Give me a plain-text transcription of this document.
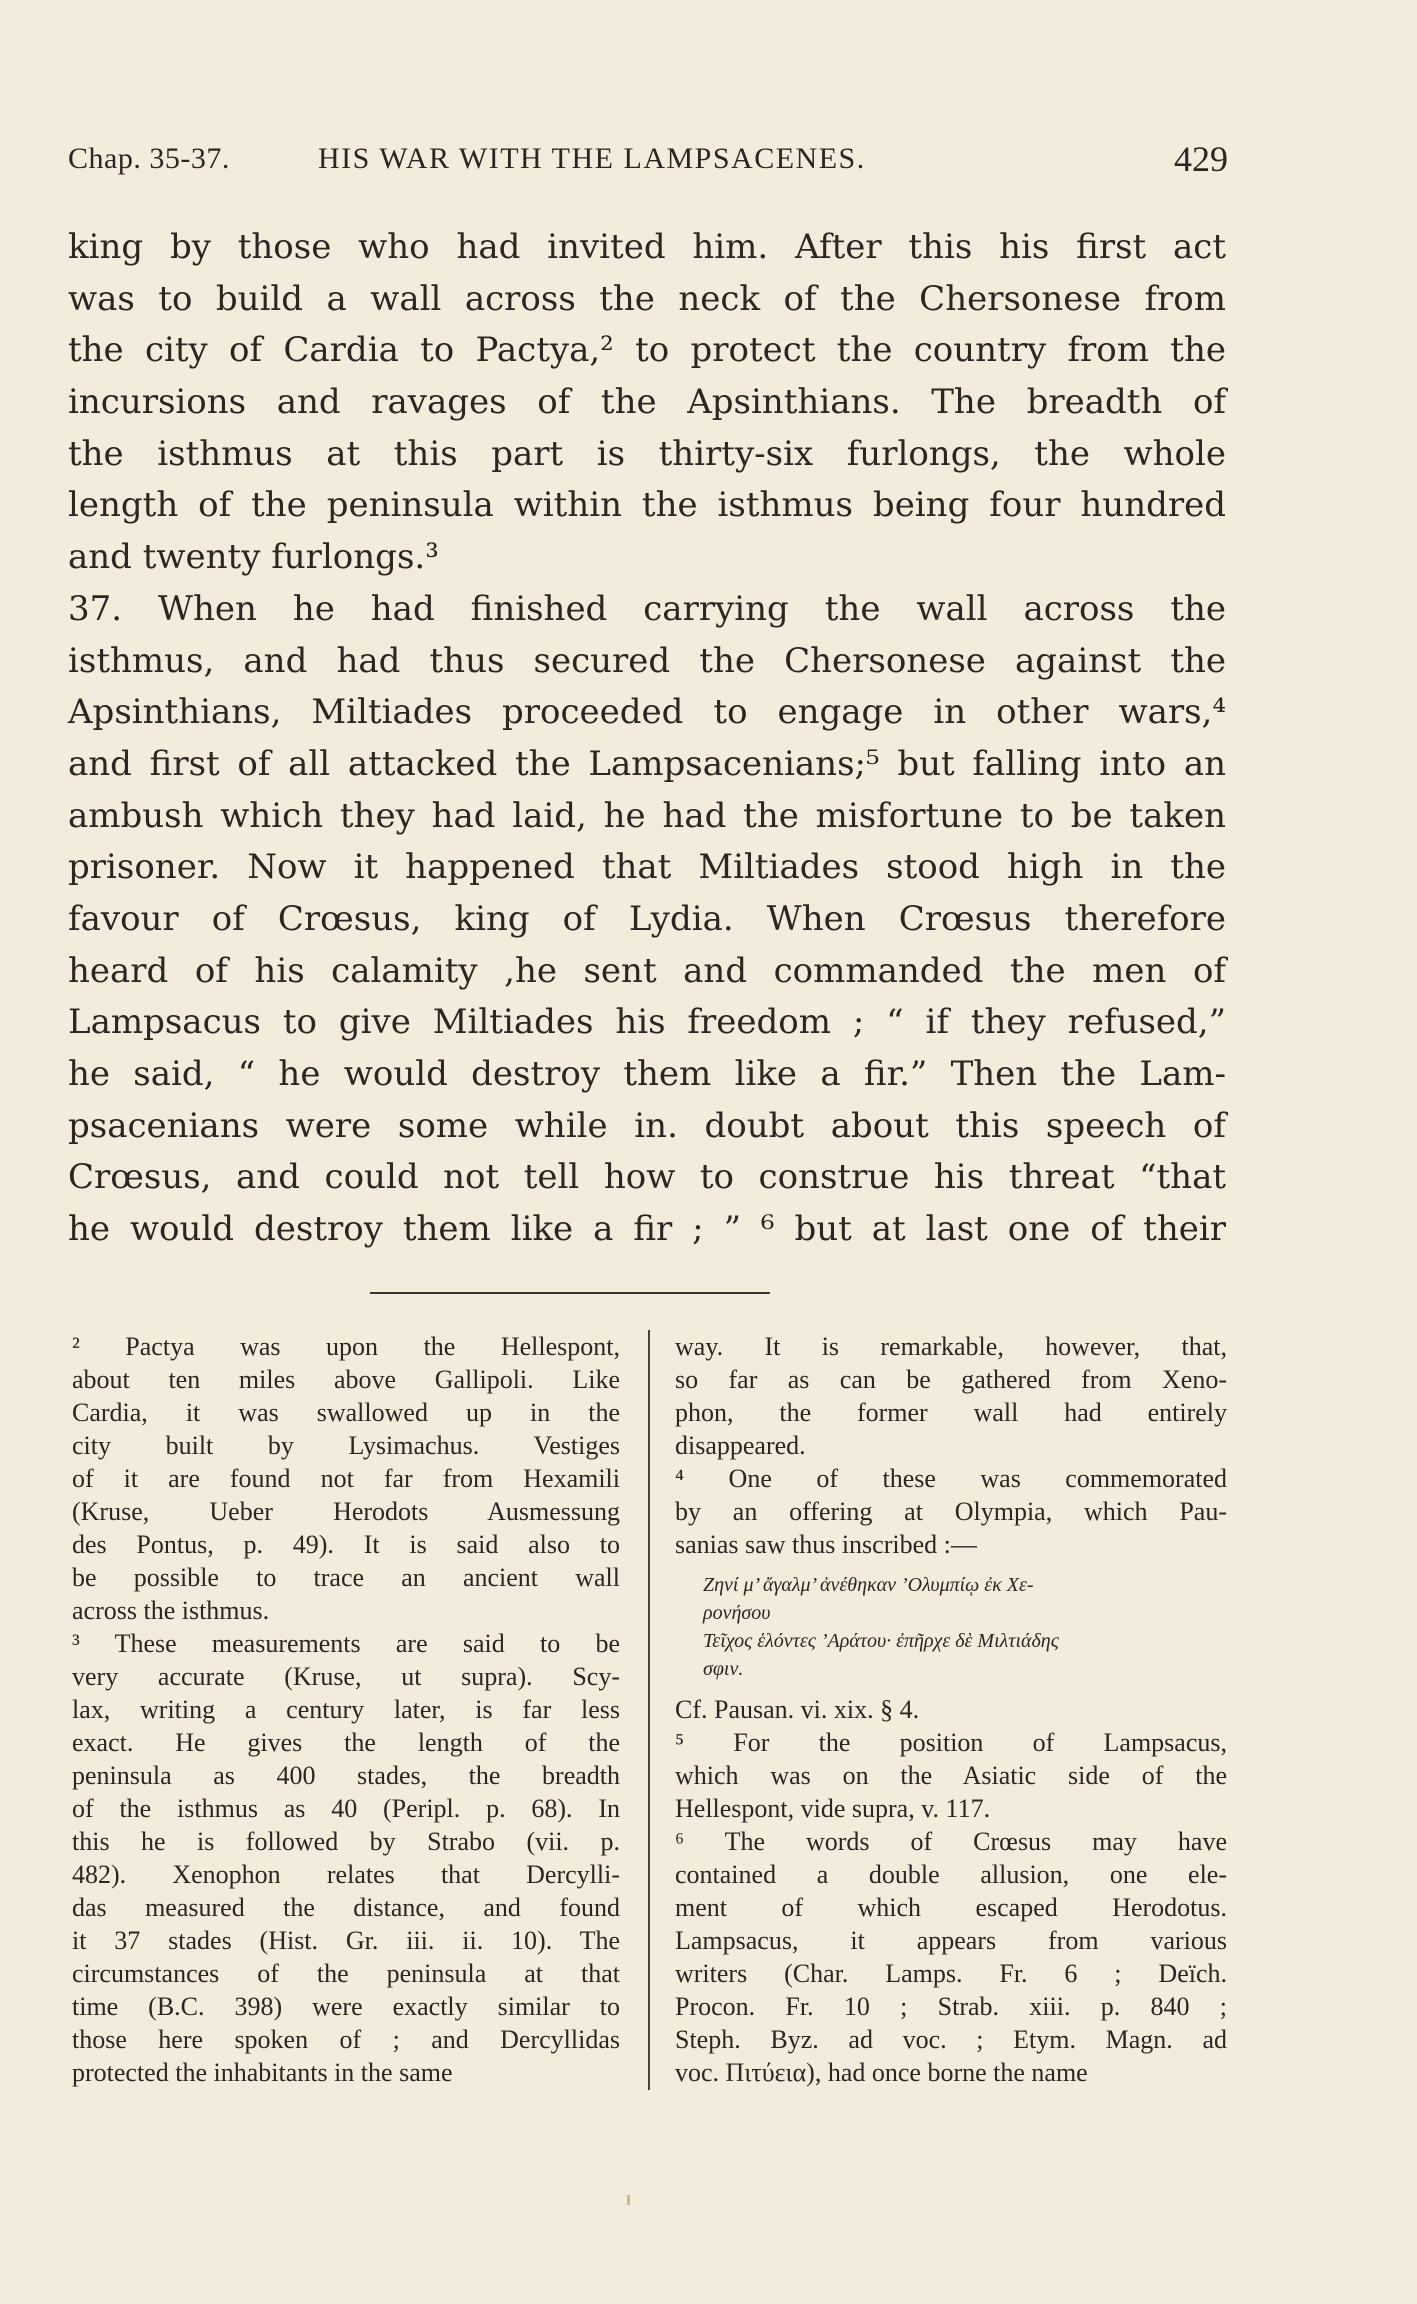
Chap. 35-37.	HIS WAR WITH THE LAMPSACENES.	429
king by those who had invited him. After this his first act
was to build a wall across the neck of the Chersonese from
the city of Cardia to Pactya,² to protect the country from the
incursions and ravages of the Apsinthians. The breadth of
the isthmus at this part is thirty-six furlongs, the whole
length of the peninsula within the isthmus being four hundred
and twenty furlongs.³
37. When he had finished carrying the wall across the
isthmus, and had thus secured the Chersonese against the
Apsinthians, Miltiades proceeded to engage in other wars,⁴
and first of all attacked the Lampsacenians;⁵ but falling into an
ambush which they had laid, he had the misfortune to be taken
prisoner. Now it happened that Miltiades stood high in the
favour of Crœsus, king of Lydia. When Crœsus therefore
heard of his calamity ,he sent and commanded the men of
Lampsacus to give Miltiades his freedom ; “ if they refused,”
he said, “ he would destroy them like a fir.” Then the Lam-
psacenians were some while in. doubt about this speech of
Crœsus, and could not tell how to construe his threat “that
he would destroy them like a fir ; ” ⁶ but at last one of their
² Pactya was upon the Hellespont,
about ten miles above Gallipoli. Like
Cardia, it was swallowed up in the
city built by Lysimachus. Vestiges
of it are found not far from Hexamili
(Kruse, Ueber Herodots Ausmessung
des Pontus, p. 49). It is said also to
be possible to trace an ancient wall
across the isthmus.
³ These measurements are said to be
very accurate (Kruse, ut supra). Scy-
lax, writing a century later, is far less
exact. He gives the length of the
peninsula as 400 stades, the breadth
of the isthmus as 40 (Peripl. p. 68). In
this he is followed by Strabo (vii. p.
482). Xenophon relates that Dercylli-
das measured the distance, and found
it 37 stades (Hist. Gr. iii. ii. 10). The
circumstances of the peninsula at that
time (B.C. 398) were exactly similar to
those here spoken of ; and Dercyllidas
protected the inhabitants in the same
way. It is remarkable, however, that,
so far as can be gathered from Xeno-
phon, the former wall had entirely
disappeared.
⁴ One of these was commemorated
by an offering at Olympia, which Pau-
sanias saw thus inscribed :—
Ζηνί μ’ ἄγαλμ’ ἀνέθηκαν ’Ολυμπίῳ ἐκ Χε-
ρονήσου
Τεῖχος ἑλόντες ’Αράτου· ἐπῆρχε δὲ Μιλτιάδης
σφιν.
Cf. Pausan. vi. xix. § 4.
⁵ For the position of Lampsacus,
which was on the Asiatic side of the
Hellespont, vide supra, v. 117.
⁶ The words of Crœsus may have
contained a double allusion, one ele-
ment of which escaped Herodotus.
Lampsacus, it appears from various
writers (Char. Lamps. Fr. 6 ; Deïch.
Procon. Fr. 10 ; Strab. xiii. p. 840 ;
Steph. Byz. ad voc. ; Etym. Magn. ad
voc. Πιτύεια), had once borne the name
